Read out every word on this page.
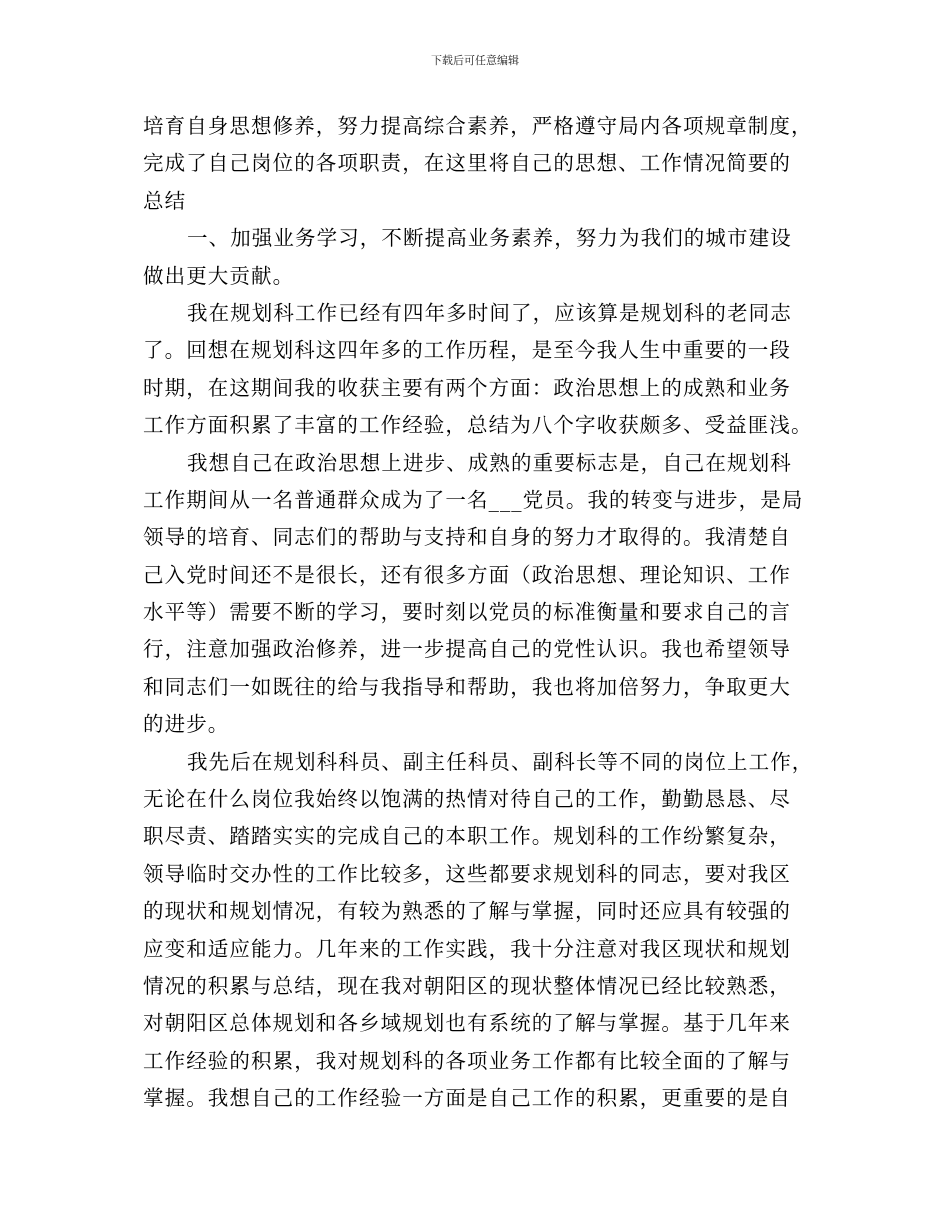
下载后可任意编辑
培育自身思想修养，努力提高综合素养，严格遵守局内各项规章制度，
完成了自己岗位的各项职责，在这里将自己的思想、工作情况简要的
总结
一、加强业务学习，不断提高业务素养，努力为我们的城市建设
做出更大贡献。
我在规划科工作已经有四年多时间了，应该算是规划科的老同志
了。回想在规划科这四年多的工作历程，是至今我人生中重要的一段
时期，在这期间我的收获主要有两个方面：政治思想上的成熟和业务
工作方面积累了丰富的工作经验，总结为八个字收获颇多、受益匪浅。
我想自己在政治思想上进步、成熟的重要标志是，自己在规划科
工作期间从一名普通群众成为了一名___党员。我的转变与进步，是局
领导的培育、同志们的帮助与支持和自身的努力才取得的。我清楚自
己入党时间还不是很长，还有很多方面（政治思想、理论知识、工作
水平等）需要不断的学习，要时刻以党员的标准衡量和要求自己的言
行，注意加强政治修养，进一步提高自己的党性认识。我也希望领导
和同志们一如既往的给与我指导和帮助，我也将加倍努力，争取更大
的进步。
我先后在规划科科员、副主任科员、副科长等不同的岗位上工作，
无论在什么岗位我始终以饱满的热情对待自己的工作，勤勤恳恳、尽
职尽责、踏踏实实的完成自己的本职工作。规划科的工作纷繁复杂，
领导临时交办性的工作比较多，这些都要求规划科的同志，要对我区
的现状和规划情况，有较为熟悉的了解与掌握，同时还应具有较强的
应变和适应能力。几年来的工作实践，我十分注意对我区现状和规划
情况的积累与总结，现在我对朝阳区的现状整体情况已经比较熟悉，
对朝阳区总体规划和各乡域规划也有系统的了解与掌握。基于几年来
工作经验的积累，我对规划科的各项业务工作都有比较全面的了解与
掌握。我想自己的工作经验一方面是自己工作的积累，更重要的是自
